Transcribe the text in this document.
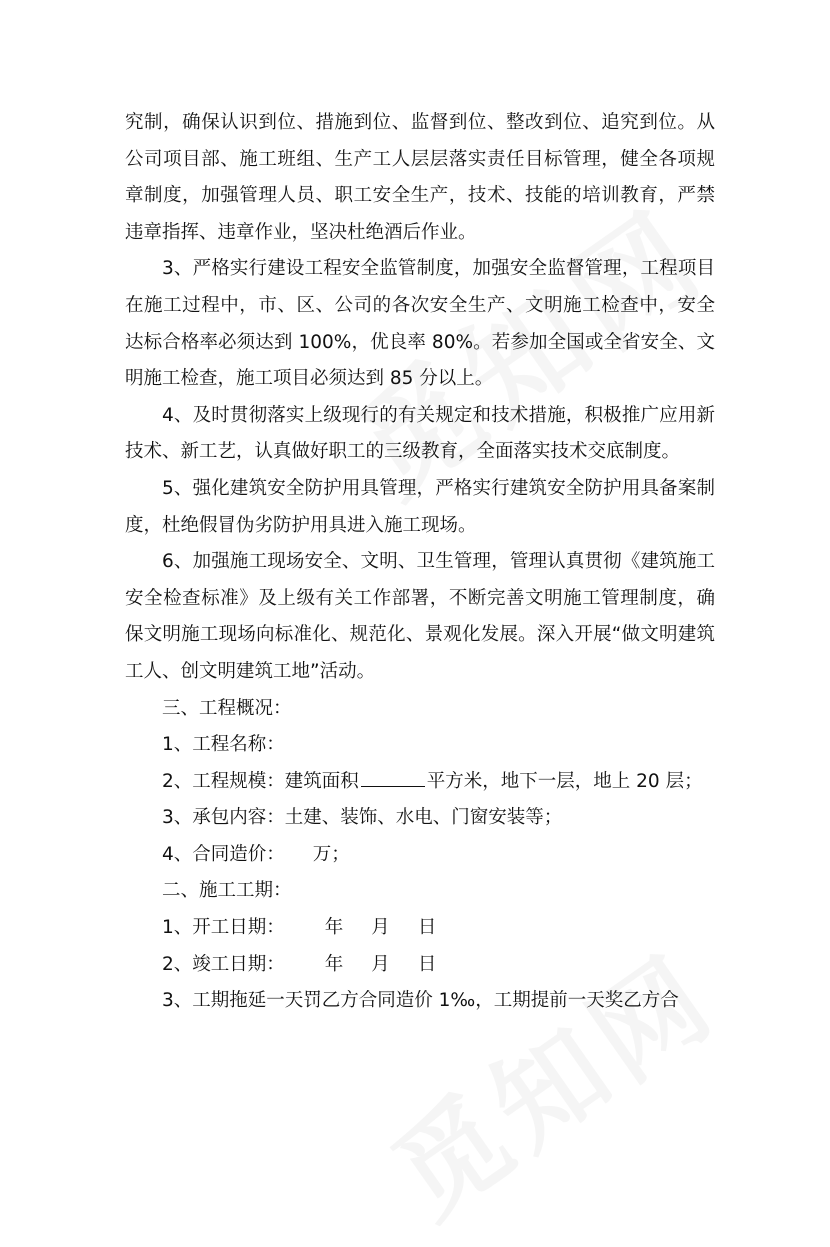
究制，确保认识到位、措施到位、监督到位、整改到位、追究到位。从公司项目部、施工班组、生产工人层层落实责任目标管理，健全各项规章制度，加强管理人员、职工安全生产，技术、技能的培训教育，严禁违章指挥、违章作业，坚决杜绝酒后作业。

3、严格实行建设工程安全监管制度，加强安全监督管理，工程项目在施工过程中，市、区、公司的各次安全生产、文明施工检查中，安全达标合格率必须达到 100%，优良率 80%。若参加全国或全省安全、文明施工检查，施工项目必须达到 85 分以上。

4、及时贯彻落实上级现行的有关规定和技术措施，积极推广应用新技术、新工艺，认真做好职工的三级教育，全面落实技术交底制度。

5、强化建筑安全防护用具管理，严格实行建筑安全防护用具备案制度，杜绝假冒伪劣防护用具进入施工现场。

6、加强施工现场安全、文明、卫生管理，管理认真贯彻《建筑施工安全检查标准》及上级有关工作部署，不断完善文明施工管理制度，确保文明施工现场向标准化、规范化、景观化发展。深入开展“做文明建筑工人、创文明建筑工地”活动。

三、工程概况：

1、工程名称：

2、工程规模：建筑面积	平方米，地下一层，地上 20 层；

3、承包内容：土建、装饰、水电、门窗安装等；

4、合同造价： 万；

二、施工工期：

1、开工日期： 年 月 日

2、竣工日期： 年 月 日

3、工期拖延一天罚乙方合同造价 1‰，工期提前一天奖乙方合
